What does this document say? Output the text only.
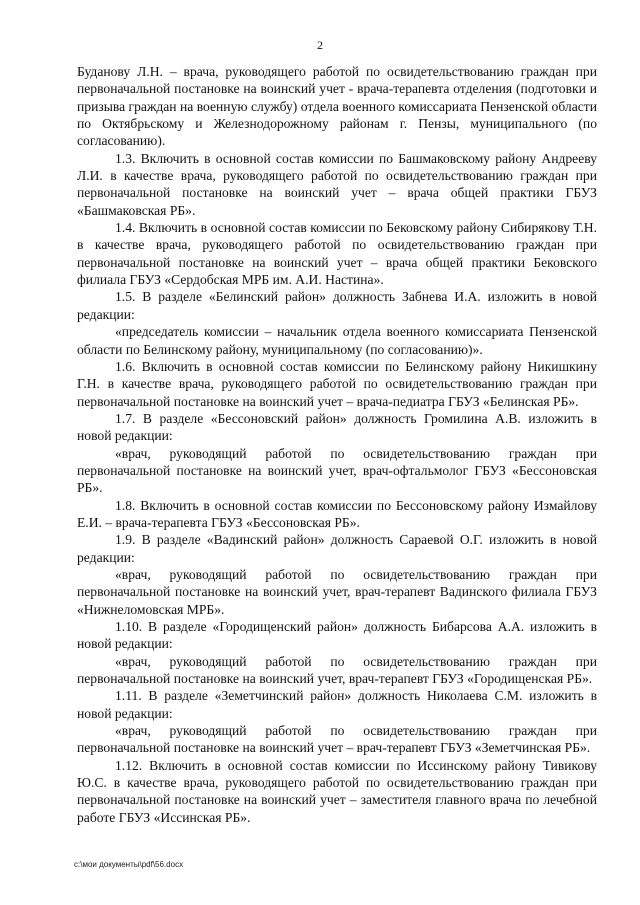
2

Буданову Л.Н. – врача, руководящего работой по освидетельствованию граждан при первоначальной постановке на воинский учет - врача-терапевта отделения (подготовки и призыва граждан на военную службу) отдела военного комиссариата Пензенской области по Октябрьскому и Железнодорожному районам г. Пензы, муниципального (по согласованию).

1.3. Включить в основной состав комиссии по Башмаковскому району Андрееву Л.И. в качестве врача, руководящего работой по освидетельствованию граждан при первоначальной постановке на воинский учет – врача общей практики ГБУЗ «Башмаковская РБ».

1.4. Включить в основной состав комиссии по Бековскому району Сибирякову Т.Н. в качестве врача, руководящего работой по освидетельствованию граждан при первоначальной постановке на воинский учет – врача общей практики Бековского филиала ГБУЗ «Сердобская МРБ им. А.И. Настина».

1.5. В разделе «Белинский район» должность Забнева И.А. изложить в новой редакции:

«председатель комиссии – начальник отдела военного комиссариата Пензенской области по Белинскому району, муниципальному (по согласованию)».

1.6. Включить в основной состав комиссии по Белинскому району Никишкину Г.Н. в качестве врача, руководящего работой по освидетельствованию граждан при первоначальной постановке на воинский учет – врача-педиатра ГБУЗ «Белинская РБ».

1.7. В разделе «Бессоновский район» должность Громилина А.В. изложить в новой редакции:

«врач, руководящий работой по освидетельствованию граждан при первоначальной постановке на воинский учет, врач-офтальмолог ГБУЗ «Бессоновская РБ».

1.8. Включить в основной состав комиссии по Бессоновскому району Измайлову Е.И. – врача-терапевта ГБУЗ «Бессоновская РБ».

1.9. В разделе «Вадинский район» должность Сараевой О.Г. изложить в новой редакции:

«врач, руководящий работой по освидетельствованию граждан при первоначальной постановке на воинский учет, врач-терапевт Вадинского филиала ГБУЗ «Нижнеломовская МРБ».

1.10. В разделе «Городищенский район» должность Бибарсова А.А. изложить в новой редакции:

«врач, руководящий работой по освидетельствованию граждан при первоначальной постановке на воинский учет, врач-терапевт ГБУЗ «Городищенская РБ».

1.11. В разделе «Земетчинский район» должность Николаева С.М. изложить в новой редакции:

«врач, руководящий работой по освидетельствованию граждан при первоначальной постановке на воинский учет – врач-терапевт ГБУЗ «Земетчинская РБ».

1.12. Включить в основной состав комиссии по Иссинскому району Тивикову Ю.С. в качестве врача, руководящего работой по освидетельствованию граждан при первоначальной постановке на воинский учет – заместителя главного врача по лечебной работе ГБУЗ «Иссинская РБ».

c:\мои документы\pdf\56.docx
